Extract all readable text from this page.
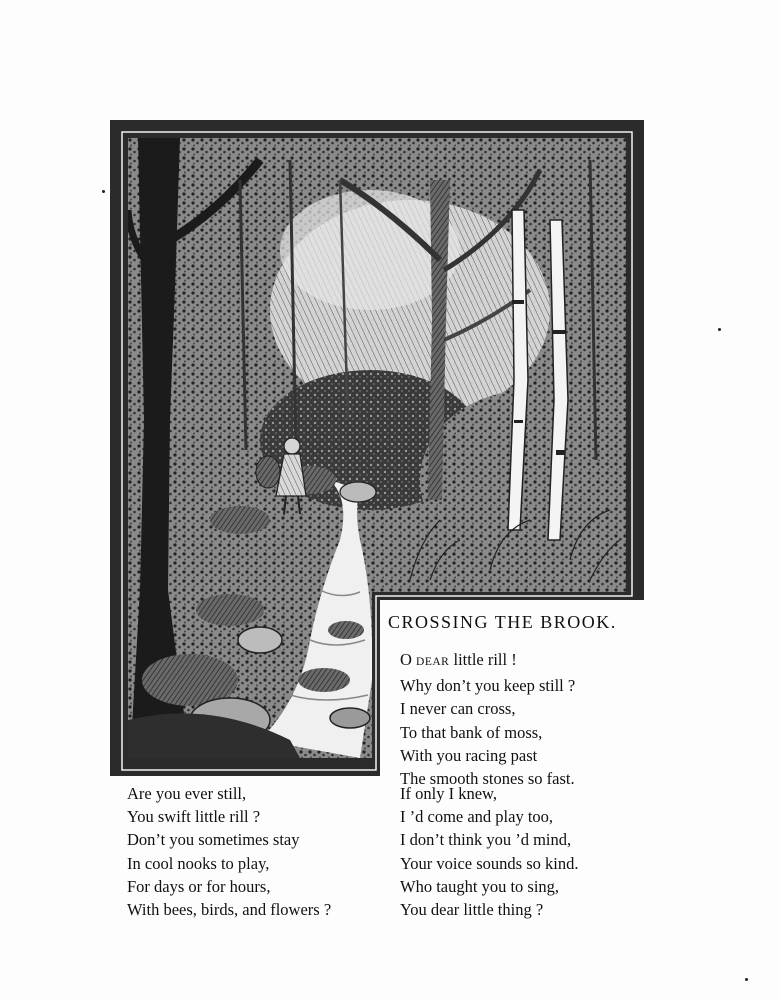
CROSSING THE BROOK.
O DEAR little rill !
Why don’t you keep still ?
I never can cross,
To that bank of moss,
With you racing past
The smooth stones so fast.
Are you ever still,
You swift little rill ?
Don’t you sometimes stay
In cool nooks to play,
For days or for hours,
With bees, birds, and flowers ?
If only I knew,
I ’d come and play too,
I don’t think you ’d mind,
Your voice sounds so kind.
Who taught you to sing,
You dear little thing ?
